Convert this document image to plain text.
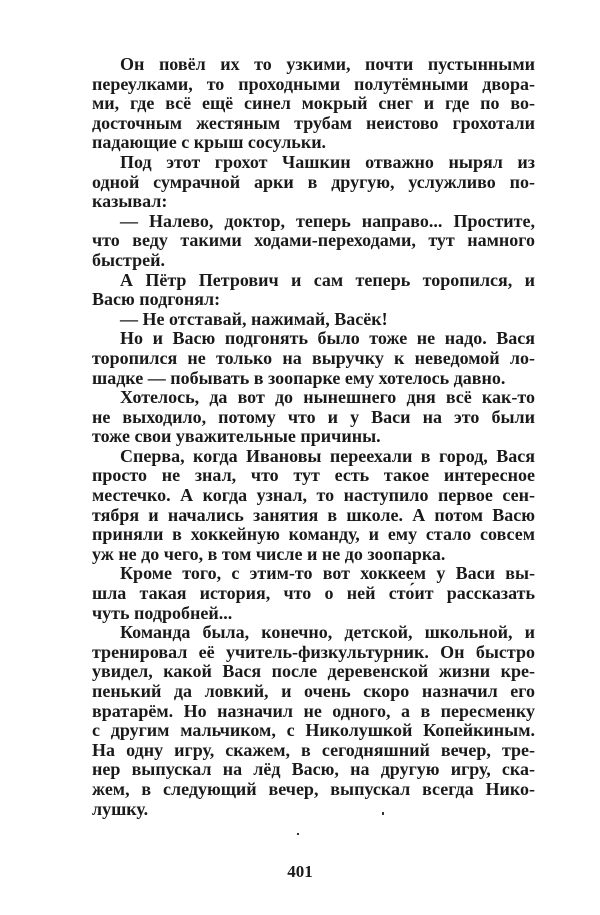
Он повёл их то узкими, почти пустынными
переулками, то проходными полутёмными двора-
ми, где всё ещё синел мокрый снег и где по во-
досточным жестяным трубам неистово грохотали
падающие с крыш сосульки.
Под этот грохот Чашкин отважно нырял из
одной сумрачной арки в другую, услужливо по-
казывал:
— Налево, доктор, теперь направо... Простите,
что веду такими ходами-переходами, тут намного
быстрей.
А Пётр Петрович и сам теперь торопился, и
Васю подгонял:
— Не отставай, нажимай, Васёк!
Но и Васю подгонять было тоже не надо. Вася
торопился не только на выручку к неведомой ло-
шадке — побывать в зоопарке ему хотелось давно.
Хотелось, да вот до нынешнего дня всё как-то
не выходило, потому что и у Васи на это были
тоже свои уважительные причины.
Сперва, когда Ивановы переехали в город, Вася
просто не знал, что тут есть такое интересное
местечко. А когда узнал, то наступило первое сен-
тября и начались занятия в школе. А потом Васю
приняли в хоккейную команду, и ему стало совсем
уж не до чего, в том числе и не до зоопарка.
Кроме того, с этим-то вот хоккеем у Васи вы-
шла такая история, что о ней сто́ит рассказать
чуть подробней...
Команда была, конечно, детской, школьной, и
тренировал её учитель-физкультурник. Он быстро
увидел, какой Вася после деревенской жизни кре-
пенький да ловкий, и очень скоро назначил его
вратарём. Но назначил не одного, а в пересменку
с другим мальчиком, с Николушкой Копейкиным.
На одну игру, скажем, в сегодняшний вечер, тре-
нер выпускал на лёд Васю, на другую игру, ска-
жем, в следующий вечер, выпускал всегда Нико-
лушку.
401
